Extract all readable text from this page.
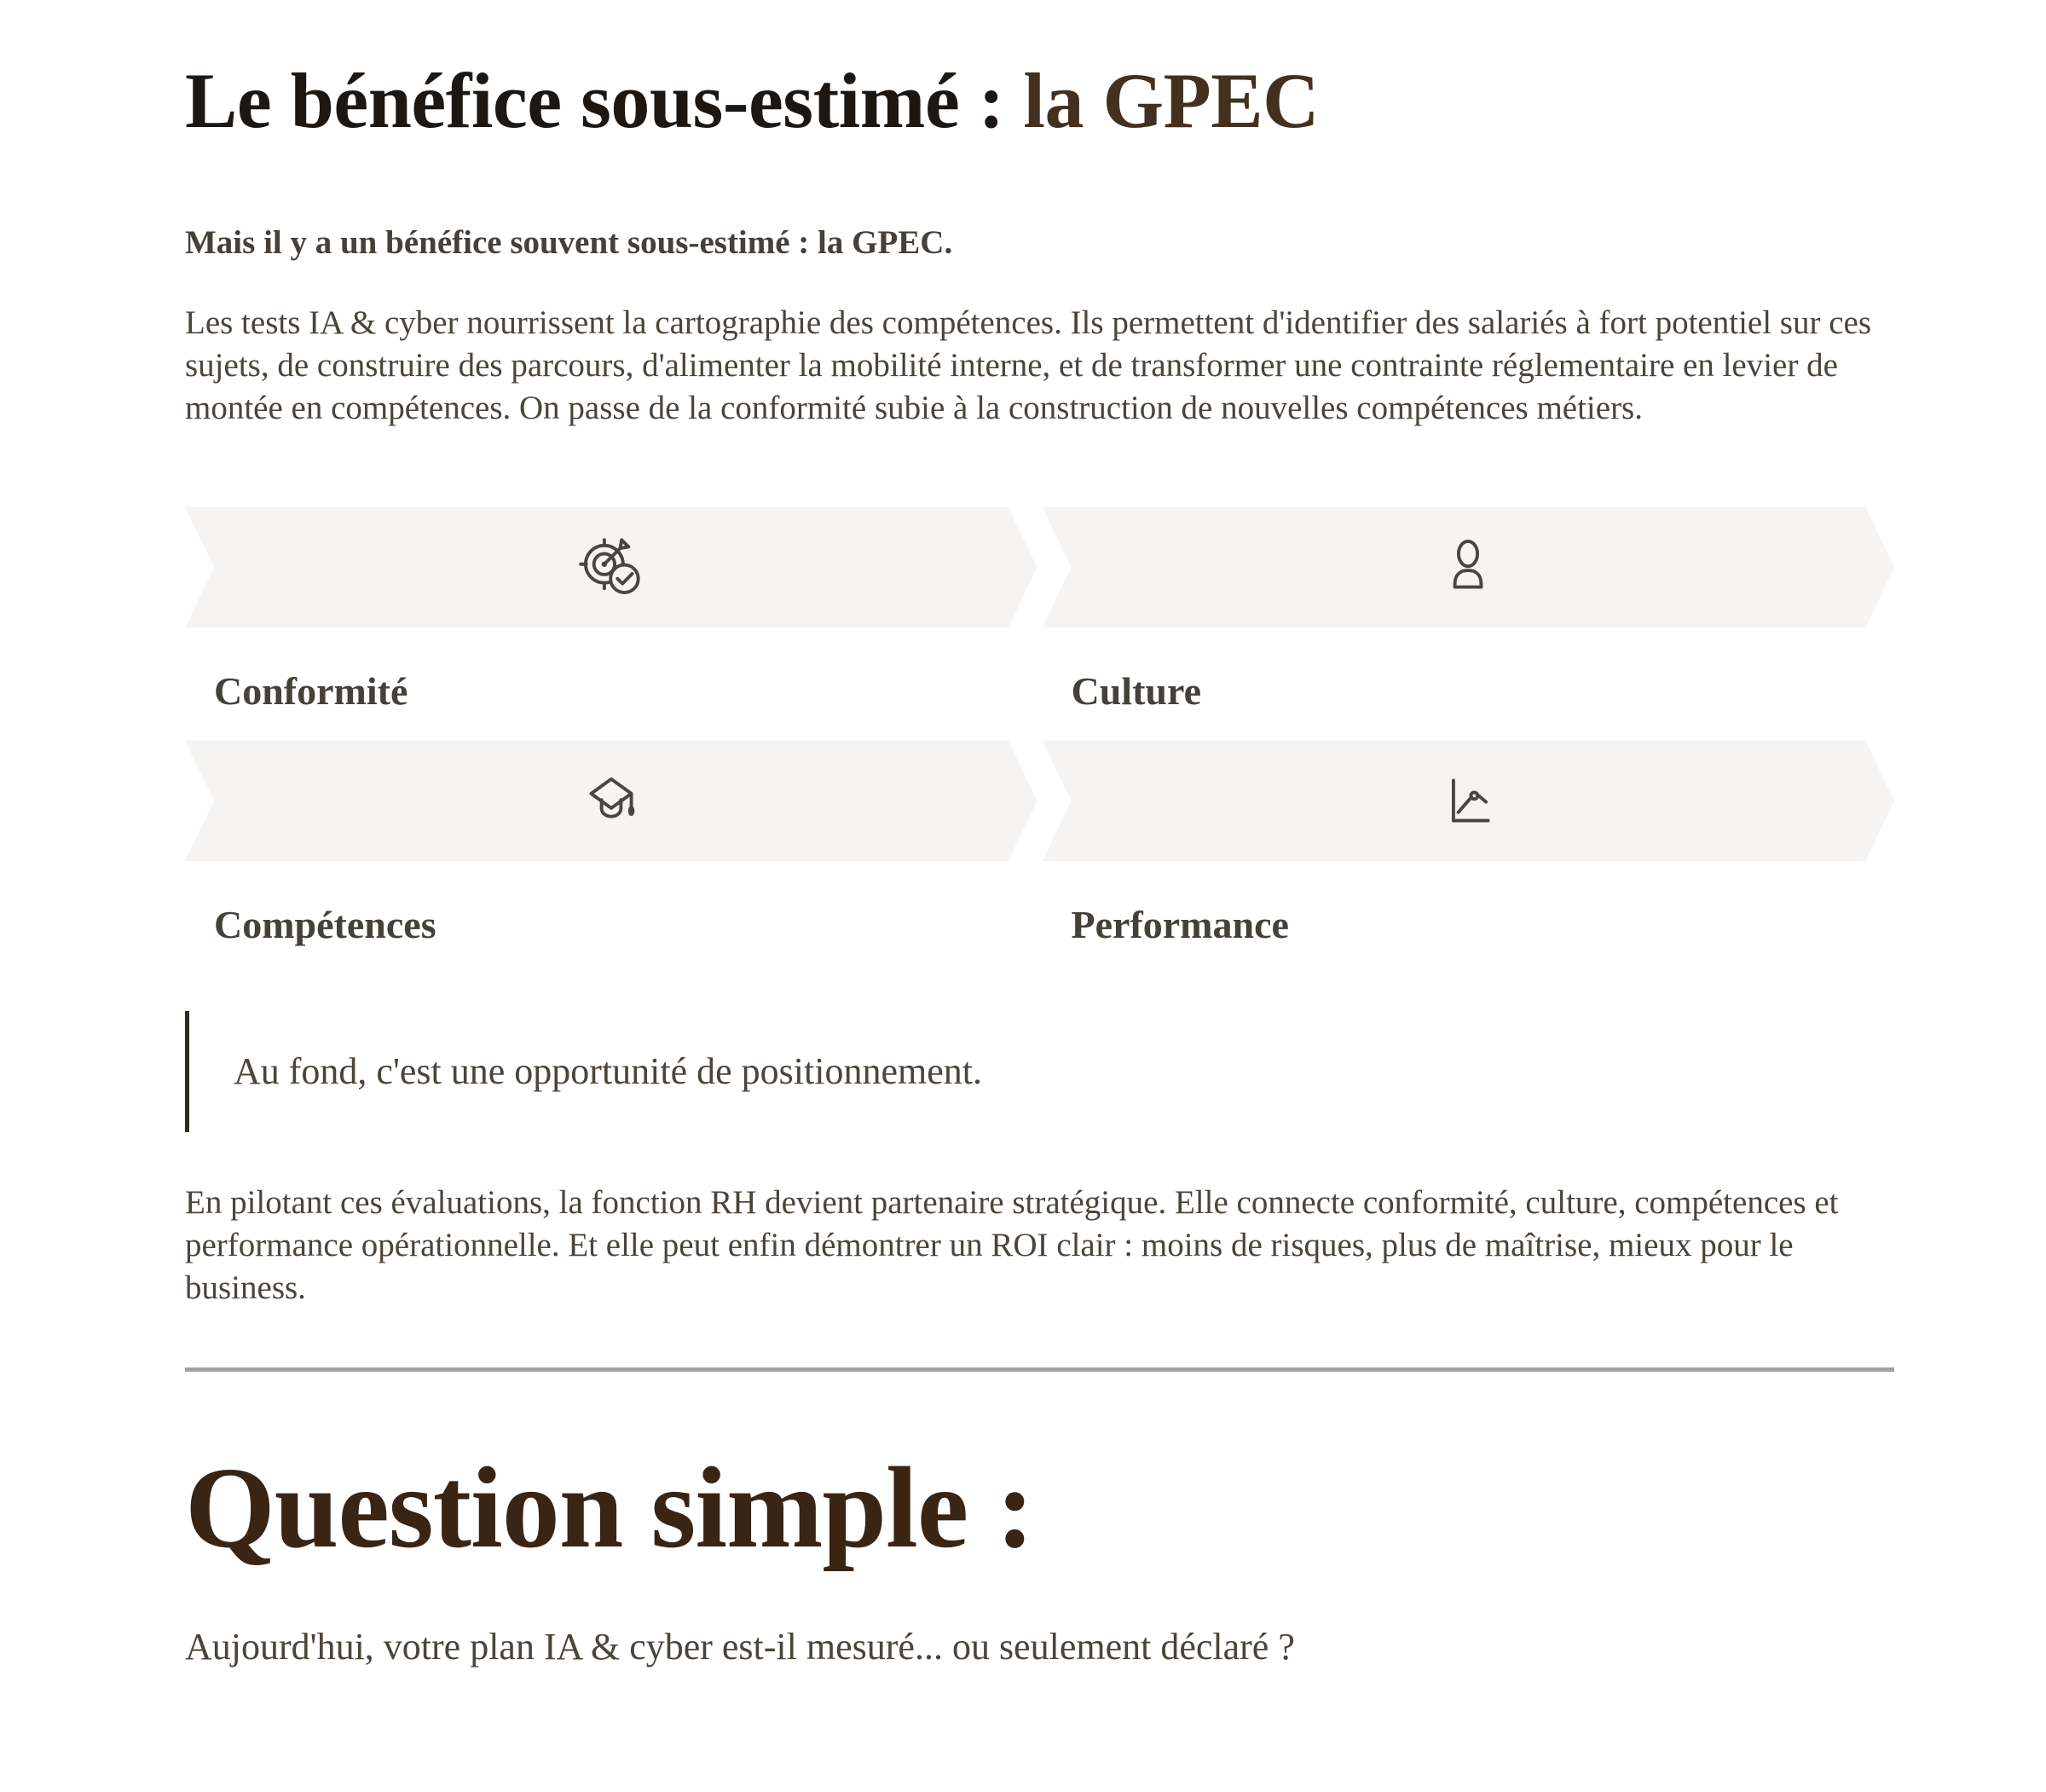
Le bénéfice sous-estimé : la GPEC

Mais il y a un bénéfice souvent sous-estimé : la GPEC.

Les tests IA & cyber nourrissent la cartographie des compétences. Ils permettent d'identifier des salariés à fort potentiel sur ces sujets, de construire des parcours, d'alimenter la mobilité interne, et de transformer une contrainte réglementaire en levier de montée en compétences. On passe de la conformité subie à la construction de nouvelles compétences métiers.

Conformité	Culture
Compétences	Performance
Au fond, c'est une opportunité de positionnement.

En pilotant ces évaluations, la fonction RH devient partenaire stratégique. Elle connecte conformité, culture, compétences et performance opérationnelle. Et elle peut enfin démontrer un ROI clair : moins de risques, plus de maîtrise, mieux pour le business.

Question simple :

Aujourd'hui, votre plan IA & cyber est-il mesuré... ou seulement déclaré ?
